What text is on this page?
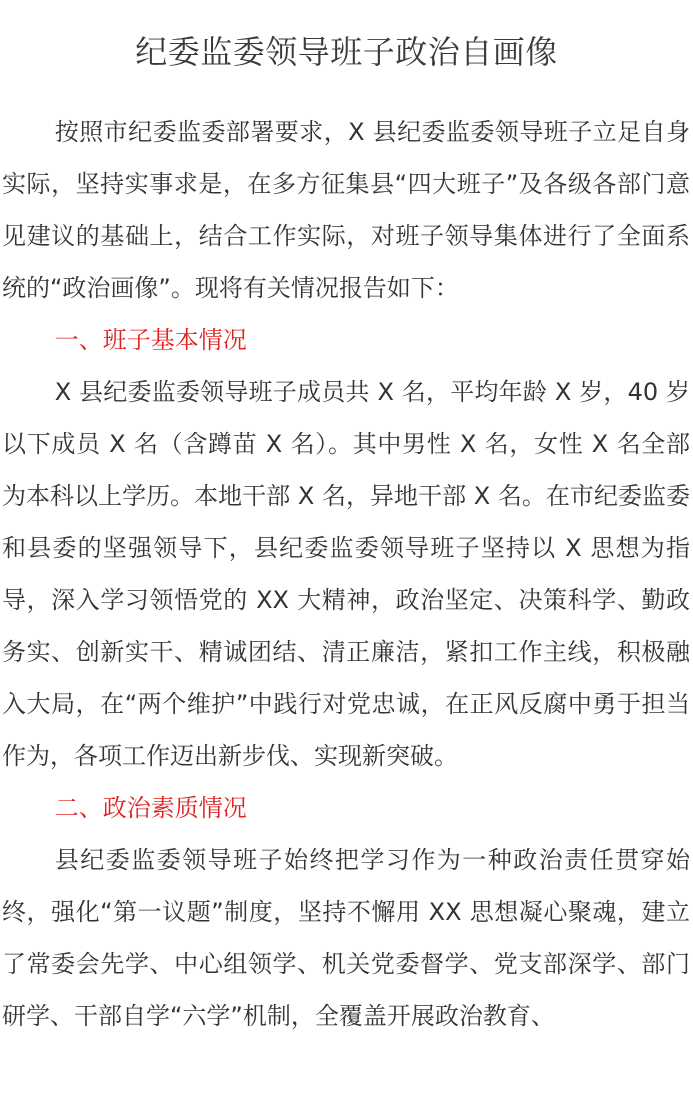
纪委监委领导班子政治自画像

按照市纪委监委部署要求，X 县纪委监委领导班子立足自身实际，坚持实事求是，在多方征集县“四大班子”及各级各部门意见建议的基础上，结合工作实际，对班子领导集体进行了全面系统的“政治画像”。现将有关情况报告如下：

一、班子基本情况

X 县纪委监委领导班子成员共 X 名，平均年龄 X 岁，40 岁以下成员 X 名（含蹲苗 X 名）。其中男性 X 名，女性 X 名全部为本科以上学历。本地干部 X 名，异地干部 X 名。在市纪委监委和县委的坚强领导下，县纪委监委领导班子坚持以 X 思想为指导，深入学习领悟党的 XX 大精神，政治坚定、决策科学、勤政务实、创新实干、精诚团结、清正廉洁，紧扣工作主线，积极融入大局，在“两个维护”中践行对党忠诚，在正风反腐中勇于担当作为，各项工作迈出新步伐、实现新突破。

二、政治素质情况

县纪委监委领导班子始终把学习作为一种政治责任贯穿始终，强化“第一议题”制度，坚持不懈用 XX 思想凝心聚魂，建立了常委会先学、中心组领学、机关党委督学、党支部深学、部门研学、干部自学“六学”机制，全覆盖开展政治教育、
